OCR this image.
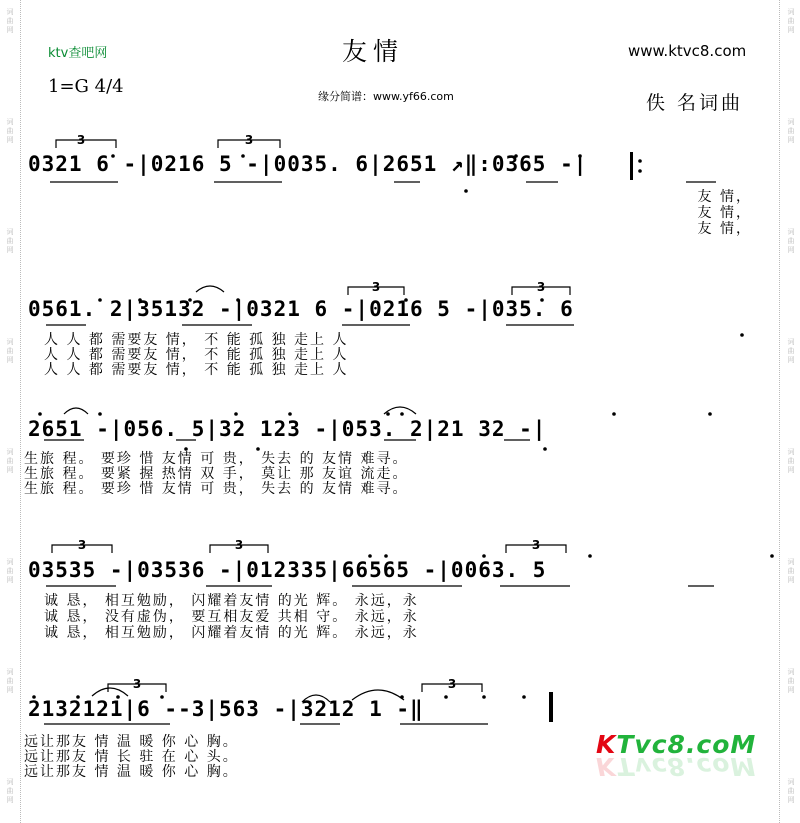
词
曲
网
词
曲
网
词
曲
网
词
曲
网
词
曲
网
词
曲
网
词
曲
网
词
曲
网
词
曲
网
词
曲
网
词
曲
网
词
曲
网
词
曲
网
词
曲
网
词
曲
网
词
曲
网
ktv查吧网	友情	www.ktvc8.com
1=G 4/4	缘分简谱：www.yf66.com	佚 名词曲
3	3
3	3
3	3	3
3	3
0321 6 -|0216 5 -|0035. 6|2651 ↗‖:0365 -|
友 情，
友 情，
友 情，
0561. 2|35132 -|0321 6 -|0216 5 -|035. 6
人 人 都 需要友 情， 不 能 孤 独 走上 人
人 人 都 需要友 情， 不 能 孤 独 走上 人
人 人 都 需要友 情， 不 能 孤 独 走上 人
2651 -|056. 5|32 123 -|053. 2|21 32 -|
生旅 程。 要珍 惜 友情 可 贵， 失去 的 友情 难寻。
生旅 程。 要紧 握 热情 双 手， 莫让 那 友谊 流走。
生旅 程。 要珍 惜 友情 可 贵， 失去 的 友情 难寻。
03535 -|03536 -|012335|66565 -|0063. 5
诚 恳， 相互勉励， 闪耀着友情 的光 辉。 永远，永
诚 恳， 没有虚伪， 要互相友爱 共相 守。 永远，永
诚 恳， 相互勉励， 闪耀着友情 的光 辉。 永远，永
2132121|6 --3|563 -|3212 1 -‖
远让那友 情 温 暖 你 心 胸。
远让那友 情 长 驻 在 心 头。
远让那友 情 温 暖 你 心 胸。
KTvc8.coM
KTvc8.coM
